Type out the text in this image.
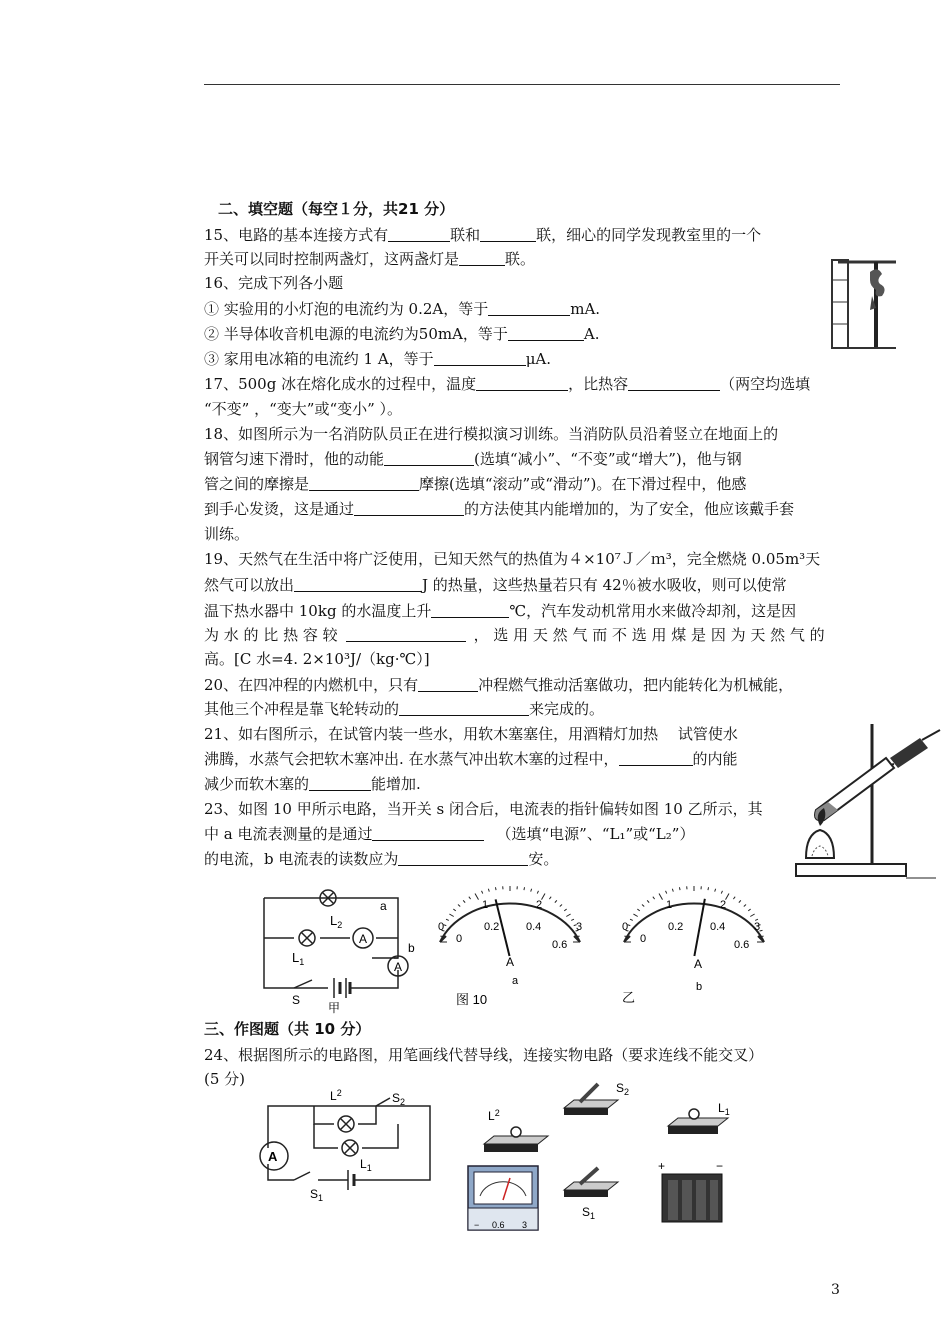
二、填空题（每空１分，共21 分）
15、电路的基本连接方式有	联和	联，细心的同学发现教室里的一个
开关可以同时控制两盏灯，这两盏灯是	联。
16、完成下列各小题
① 实验用的小灯泡的电流约为 0.2A，等于	mA.
② 半导体收音机电源的电流约为50mA，等于	A.
③ 家用电冰箱的电流约 1 A，等于	μA.
17、500g 冰在熔化成水的过程中，温度	，比热容	（两空均选填
“不变” ，“变大”或“变小” ）。
18、如图所示为一名消防队员正在进行模拟演习训练。当消防队员沿着竖立在地面上的
钢管匀速下滑时，他的动能	(选填“减小”、“不变”或“增大”)，他与钢
管之间的摩擦是	摩擦(选填“滚动”或“滑动”)。在下滑过程中，他感
到手心发烫，这是通过	的方法使其内能增加的，为了安全，他应该戴手套
训练。
19、天然气在生活中将广泛使用，已知天然气的热值为４×10⁷Ｊ／ｍ³，完全燃烧 0.05m³天
然气可以放出	J 的热量，这些热量若只有 42％被水吸收，则可以使常
温下热水器中 10kg 的水温度上升	℃，汽车发动机常用水来做冷却剂，这是因
为 水 的 比 热 容 较	， 选 用 天 然 气 而 不 选 用 煤 是 因 为 天 然 气 的
高。[C 水=4. 2×10³J/（kg·℃）]
20、在四冲程的内燃机中，只有	冲程燃气推动活塞做功，把内能转化为机械能，
其他三个冲程是靠飞轮转动的	来完成的。
21、如右图所示，在试管内装一些水，用软木塞塞住，用酒精灯加热　 试管使水
沸腾，水蒸气会把软木塞冲出. 在水蒸气冲出软木塞的过程中，	的内能
减少而软木塞的	能增加.
23、如图 10 甲所示电路，当开关 s 闭合后，电流表的指针偏转如图 10 乙所示，其
中 a 电流表测量的是通过	（选填“电源”、“L₁”或“L₂”）
的电流，b 电流表的读数应为	安。
$L_2$
$L_1$
A
A
a
b
S
甲
0
1	2
3
0
0.2 0.4
0.6
A
a
0
1	2
3
0
0.2 0.4
0.6
A
b
图 10	乙
三、作图题（共 10 分）
24、根据图所示的电路图，用笔画线代替导线，连接实物电路（要求连线不能交叉）
(5 分)
A
$L^2$
$L_1$
$S_2$
$S_1$
$L^2$
$S_2$
$L_1$
− 0.6 3
$S_1$
+	−
3
